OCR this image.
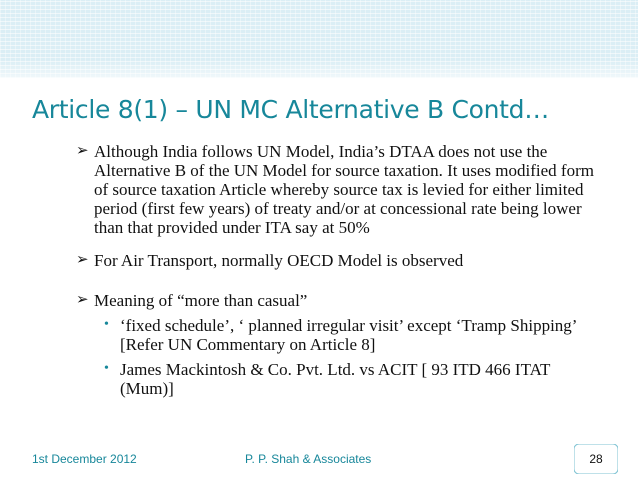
Article 8(1) – UN MC Alternative B Contd…
➢ Although India follows UN Model, India’s DTAA does not use the Alternative B of the UN Model for source taxation. It uses modified form of source taxation Article whereby source tax is levied for either limited period (first few years) of treaty and/or at concessional rate being lower than that provided under ITA say at 50%
➢ For Air Transport, normally OECD Model is observed
➢ Meaning of “more than casual”
• ‘fixed schedule’, ‘ planned irregular visit’ except ‘Tramp Shipping’ [Refer UN Commentary on Article 8]
• James Mackintosh & Co. Pvt. Ltd. vs ACIT [ 93 ITD 466 ITAT (Mum)]
1st December 2012	P. P. Shah & Associates	28
